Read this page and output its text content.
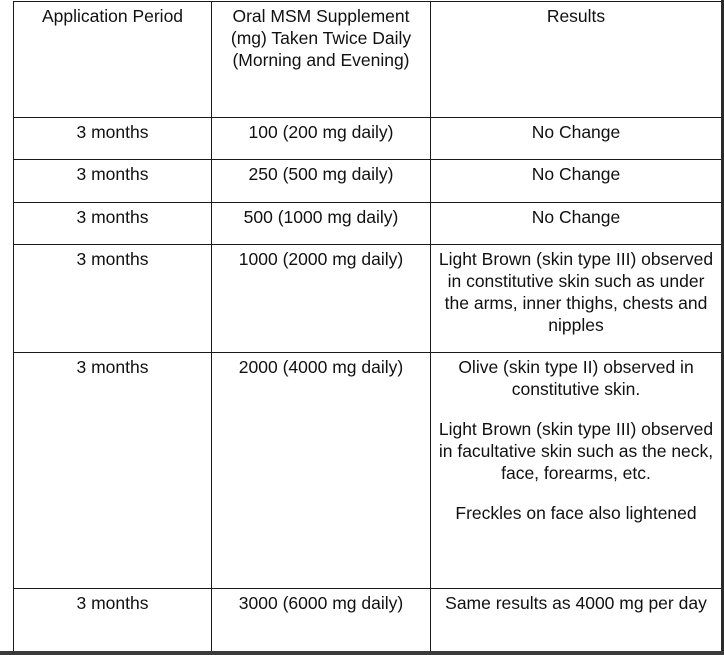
Application Period	Oral MSM Supplement (mg) Taken Twice Daily (Morning and Evening)	Results
3 months	100 (200 mg daily)	No Change

3 months	250 (500 mg daily)	No Change

3 months	500 (1000 mg daily)	No Change

3 months	1000 (2000 mg daily)	Light Brown (skin type III) observed in constitutive skin such as under the arms, inner thighs, chests and nipples

3 months	2000 (4000 mg daily)	Olive (skin type II) observed in constitutive skin.
Light Brown (skin type III) observed in facultative skin such as the neck, face, forearms, etc.
Freckles on face also lightened

3 months	3000 (6000 mg daily)	Same results as 4000 mg per day
